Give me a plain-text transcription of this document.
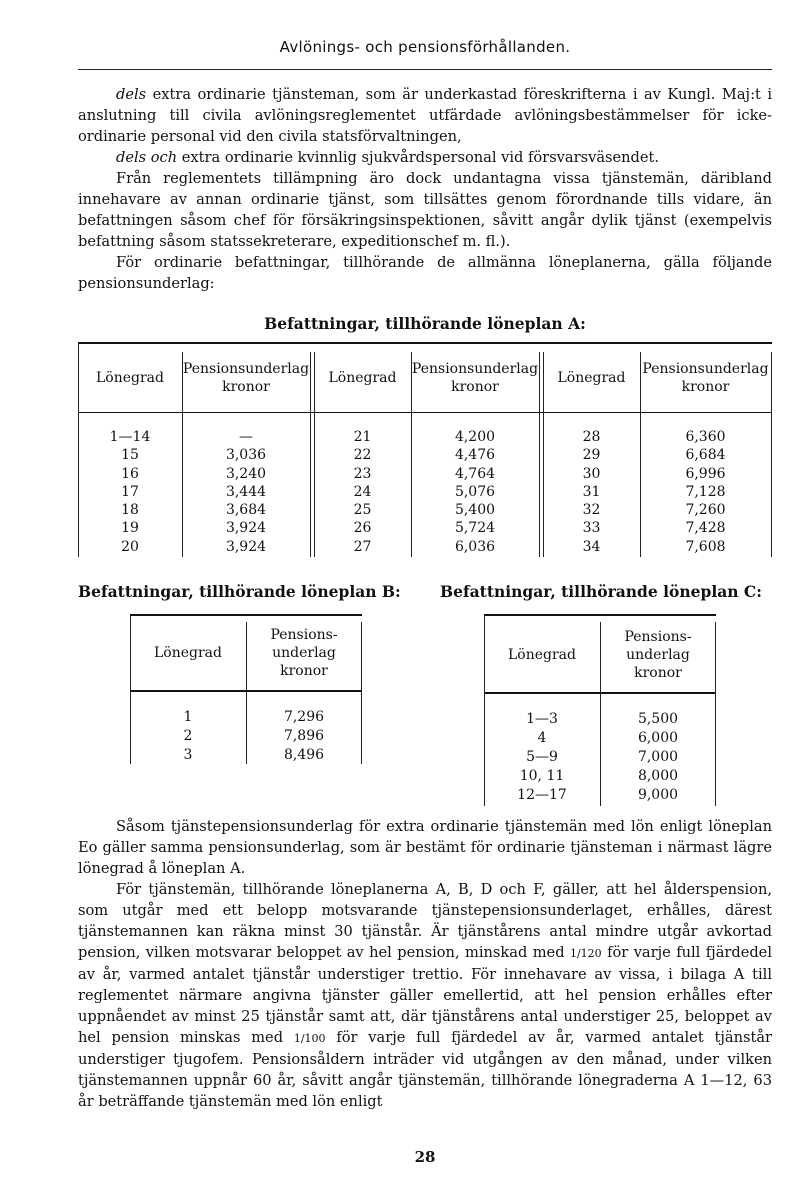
Avlönings- och pensionsförhållanden.

dels extra ordinarie tjänsteman, som är underkastad föreskrifterna i av Kungl. Maj:t i anslutning till civila avlöningsreglementet utfärdade avlöningsbestämmelser för icke-ordinarie personal vid den civila statsförvaltningen,

dels och extra ordinarie kvinnlig sjukvårdspersonal vid försvarsväsendet.

Från reglementets tillämpning äro dock undantagna vissa tjänstemän, däribland innehavare av annan ordinarie tjänst, som tillsättes genom förordnande tills vidare, än befattningen såsom chef för försäkringsinspektionen, såvitt angår dylik tjänst (exempelvis befattning såsom statssekreterare, expeditionschef m. fl.).

För ordinarie befattningar, tillhörande de allmänna löneplanerna, gälla följande pensionsunderlag:

Befattningar, tillhörande löneplan A:
Lönegrad
Pensionsunderlag
kronor
Lönegrad
Pensionsunderlag
kronor
Lönegrad
Pensionsunderlag
kronor
1—14
15
16
17
18
19
20
—
3,036
3,240
3,444
3,684
3,924
3,924
21
22
23
24
25
26
27
4,200
4,476
4,764
5,076
5,400
5,724
6,036
28
29
30
31
32
33
34
6,360
6,684
6,996
7,128
7,260
7,428
7,608
Befattningar, tillhörande löneplan B:	Befattningar, tillhörande löneplan C:
Lönegrad
Pensions-
underlag
kronor
1
2
3
7,296
7,896
8,496
Lönegrad
Pensions-
underlag
kronor
1—3
4
5—9
10, 11
12—17
5,500
6,000
7,000
8,000
9,000

Såsom tjänstepensionsunderlag för extra ordinarie tjänstemän med lön enligt löneplan Eo gäller samma pensionsunderlag, som är bestämt för ordinarie tjänsteman i närmast lägre lönegrad å löneplan A.

För tjänstemän, tillhörande löneplanerna A, B, D och F, gäller, att hel ålderspension, som utgår med ett belopp motsvarande tjänstepensionsunderlaget, erhålles, därest tjänstemannen kan räkna minst 30 tjänstår. Är tjänstårens antal mindre utgår avkortad pension, vilken motsvarar beloppet av hel pension, minskad med 1/120 för varje full fjärdedel av år, varmed antalet tjänstår understiger trettio. För innehavare av vissa, i bilaga A till reglementet närmare angivna tjänster gäller emellertid, att hel pension erhålles efter uppnåendet av minst 25 tjänstår samt att, där tjänstårens antal understiger 25, beloppet av hel pension minskas med 1/100 för varje full fjärdedel av år, varmed antalet tjänstår understiger tjugofem. Pensionsåldern inträder vid utgången av den månad, under vilken tjänstemannen uppnår 60 år, såvitt angår tjänstemän, tillhörande lönegraderna A 1—12, 63 år beträffande tjänstemän med lön enligt

28
